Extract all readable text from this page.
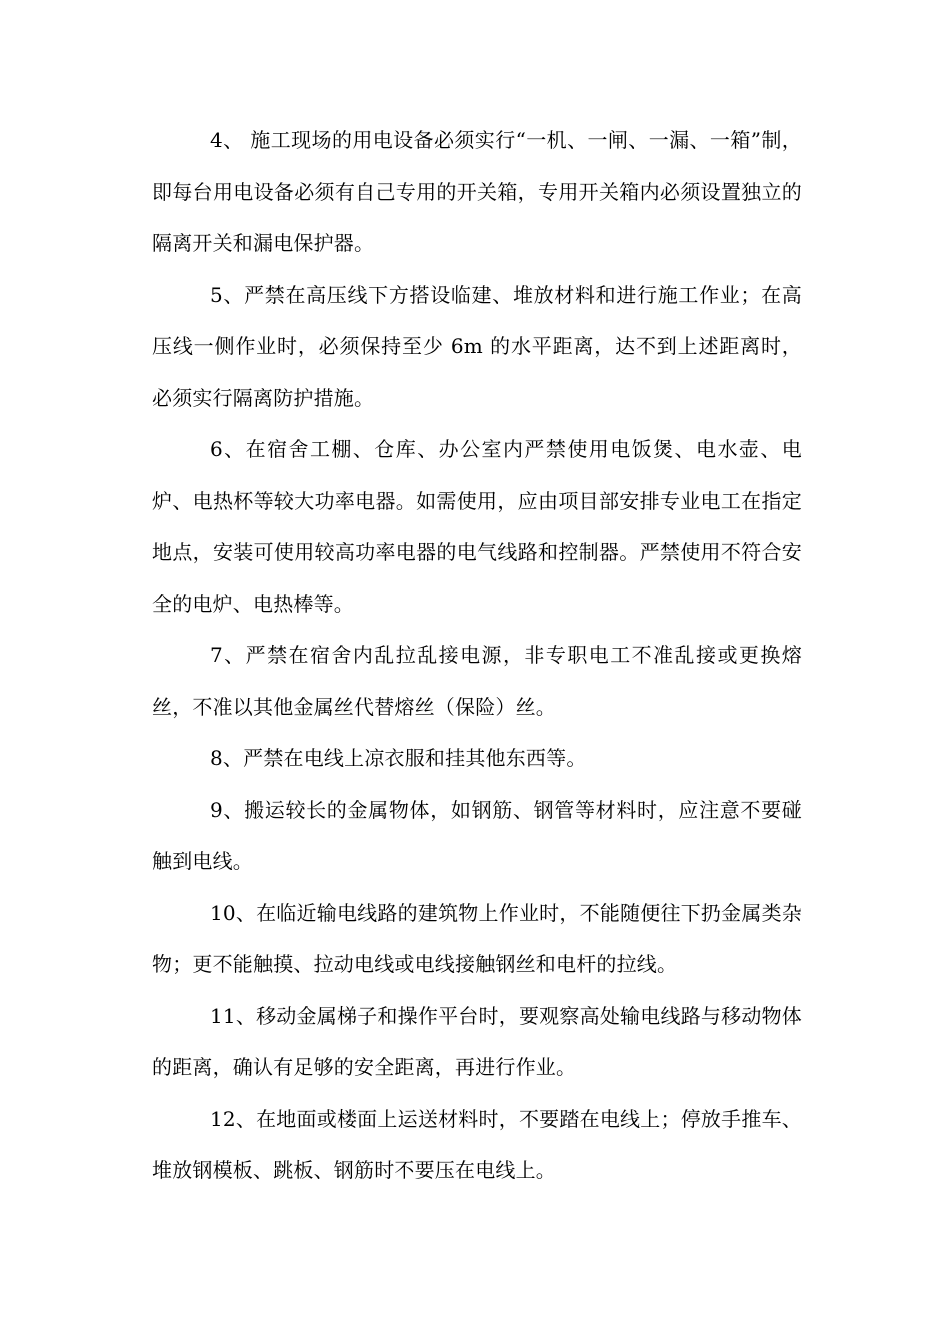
4、 施工现场的用电设备必须实行“一机、一闸、一漏、一箱”制，即每台用电设备必须有自己专用的开关箱，专用开关箱内必须设置独立的隔离开关和漏电保护器。

5、严禁在高压线下方搭设临建、堆放材料和进行施工作业；在高压线一侧作业时，必须保持至少 6m 的水平距离，达不到上述距离时，必须实行隔离防护措施。

6、在宿舍工棚、仓库、办公室内严禁使用电饭煲、电水壶、电炉、电热杯等较大功率电器。如需使用，应由项目部安排专业电工在指定地点，安装可使用较高功率电器的电气线路和控制器。严禁使用不符合安全的电炉、电热棒等。

7、严禁在宿舍内乱拉乱接电源，非专职电工不准乱接或更换熔丝，不准以其他金属丝代替熔丝（保险）丝。

8、严禁在电线上凉衣服和挂其他东西等。

9、搬运较长的金属物体，如钢筋、钢管等材料时，应注意不要碰触到电线。

10、在临近输电线路的建筑物上作业时，不能随便往下扔金属类杂物；更不能触摸、拉动电线或电线接触钢丝和电杆的拉线。

11、移动金属梯子和操作平台时，要观察高处输电线路与移动物体的距离，确认有足够的安全距离，再进行作业。

12、在地面或楼面上运送材料时，不要踏在电线上；停放手推车、堆放钢模板、跳板、钢筋时不要压在电线上。
